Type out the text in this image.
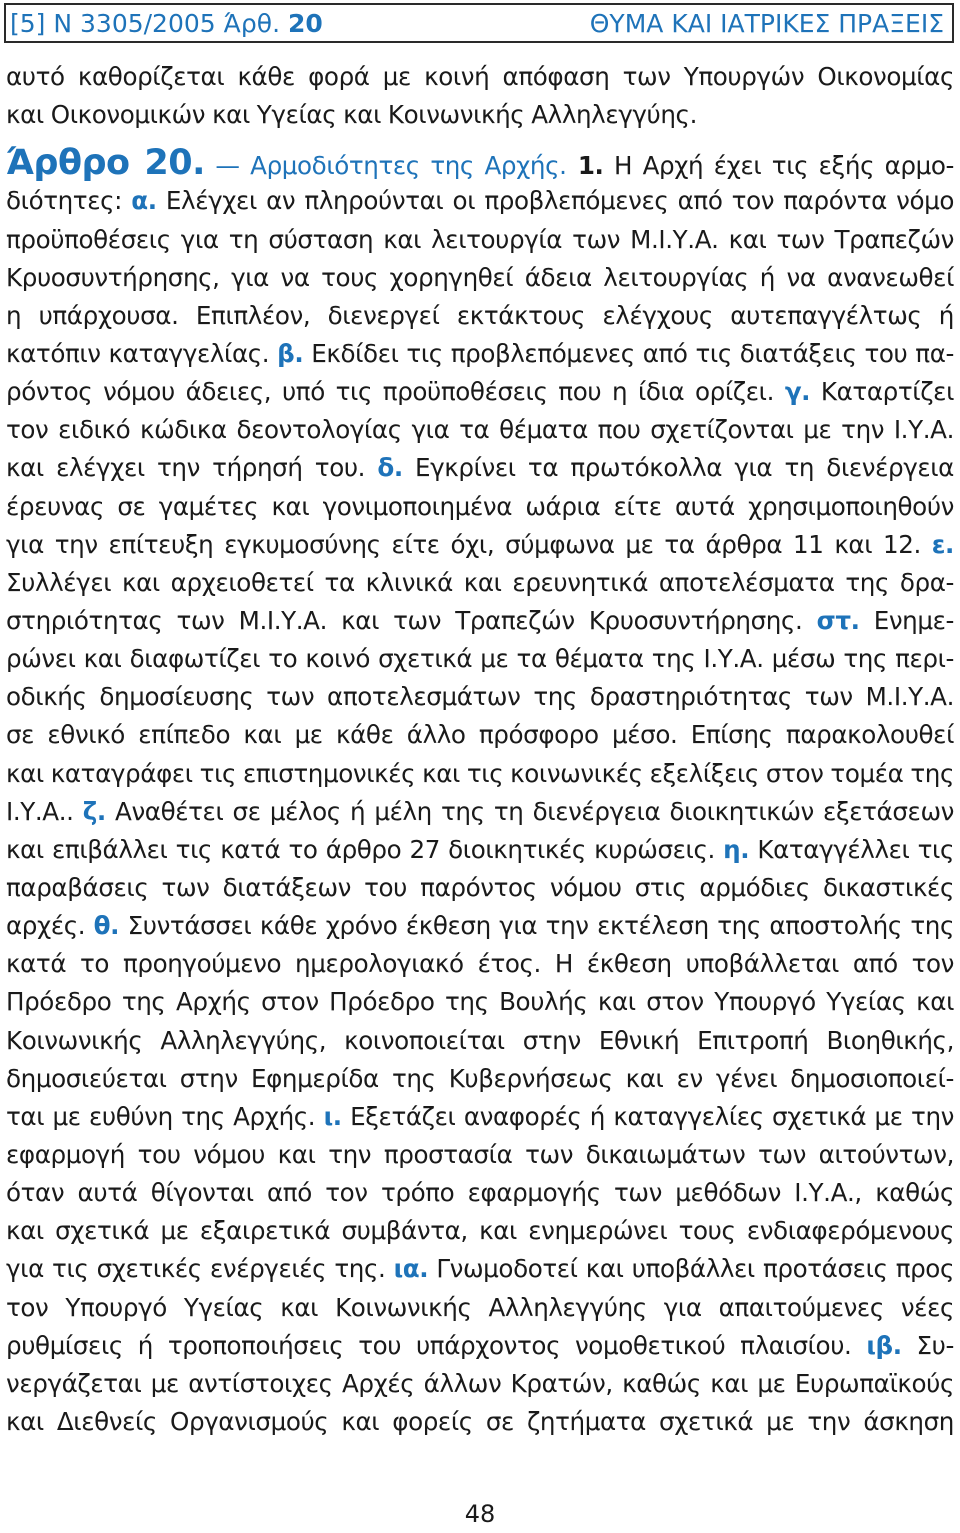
[5] Ν 3305/2005 Άρθ. 20	ΘΥΜΑ ΚΑΙ ΙΑΤΡΙΚΕΣ ΠΡΑΞΕΙΣ
αυτό καθορίζεται κάθε φορά με κοινή απόφαση των Υπουργών Οικονομίας
και Οικονομικών και Υγείας και Κοινωνικής Αλληλεγγύης.
Άρθρο 20. — Αρμοδιότητες της Αρχής. 1. Η Αρχή έχει τις εξής αρμο-
διότητες: α. Ελέγχει αν πληρούνται οι προβλεπόμενες από τον παρόντα νόμο
προϋποθέσεις για τη σύσταση και λειτουργία των Μ.Ι.Υ.Α. και των Τραπεζών
Κρυοσυντήρησης, για να τους χορηγηθεί άδεια λειτουργίας ή να ανανεωθεί
η υπάρχουσα. Επιπλέον, διενεργεί εκτάκτους ελέγχους αυτεπαγγέλτως ή
κατόπιν καταγγελίας. β. Εκδίδει τις προβλεπόμενες από τις διατάξεις του πα-
ρόντος νόμου άδειες, υπό τις προϋποθέσεις που η ίδια ορίζει. γ. Καταρτίζει
τον ειδικό κώδικα δεοντολογίας για τα θέματα που σχετίζονται με την Ι.Υ.Α.
και ελέγχει την τήρησή του. δ. Εγκρίνει τα πρωτόκολλα για τη διενέργεια
έρευνας σε γαμέτες και γονιμοποιημένα ωάρια είτε αυτά χρησιμοποιηθούν
για την επίτευξη εγκυμοσύνης είτε όχι, σύμφωνα με τα άρθρα 11 και 12. ε.
Συλλέγει και αρχειοθετεί τα κλινικά και ερευνητικά αποτελέσματα της δρα-
στηριότητας των Μ.Ι.Υ.Α. και των Τραπεζών Κρυοσυντήρησης. στ. Ενημε-
ρώνει και διαφωτίζει το κοινό σχετικά με τα θέματα της Ι.Υ.Α. μέσω της περι-
οδικής δημοσίευσης των αποτελεσμάτων της δραστηριότητας των Μ.Ι.Υ.Α.
σε εθνικό επίπεδο και με κάθε άλλο πρόσφορο μέσο. Επίσης παρακολουθεί
και καταγράφει τις επιστημονικές και τις κοινωνικές εξελίξεις στον τομέα της
Ι.Υ.Α.. ζ. Αναθέτει σε μέλος ή μέλη της τη διενέργεια διοικητικών εξετάσεων
και επιβάλλει τις κατά το άρθρο 27 διοικητικές κυρώσεις. η. Καταγγέλλει τις
παραβάσεις των διατάξεων του παρόντος νόμου στις αρμόδιες δικαστικές
αρχές. θ. Συντάσσει κάθε χρόνο έκθεση για την εκτέλεση της αποστολής της
κατά το προηγούμενο ημερολογιακό έτος. Η έκθεση υποβάλλεται από τον
Πρόεδρο της Αρχής στον Πρόεδρο της Βουλής και στον Υπουργό Υγείας και
Κοινωνικής Αλληλεγγύης, κοινοποιείται στην Εθνική Επιτροπή Βιοηθικής,
δημοσιεύεται στην Εφημερίδα της Κυβερνήσεως και εν γένει δημοσιοποιεί-
ται με ευθύνη της Αρχής. ι. Εξετάζει αναφορές ή καταγγελίες σχετικά με την
εφαρμογή του νόμου και την προστασία των δικαιωμάτων των αιτούντων,
όταν αυτά θίγονται από τον τρόπο εφαρμογής των μεθόδων Ι.Υ.Α., καθώς
και σχετικά με εξαιρετικά συμβάντα, και ενημερώνει τους ενδιαφερόμενους
για τις σχετικές ενέργειές της. ια. Γνωμοδοτεί και υποβάλλει προτάσεις προς
τον Υπουργό Υγείας και Κοινωνικής Αλληλεγγύης για απαιτούμενες νέες
ρυθμίσεις ή τροποποιήσεις του υπάρχοντος νομοθετικού πλαισίου. ιβ. Συ-
νεργάζεται με αντίστοιχες Αρχές άλλων Κρατών, καθώς και με Ευρωπαϊκούς
και Διεθνείς Οργανισμούς και φορείς σε ζητήματα σχετικά με την άσκηση
48
